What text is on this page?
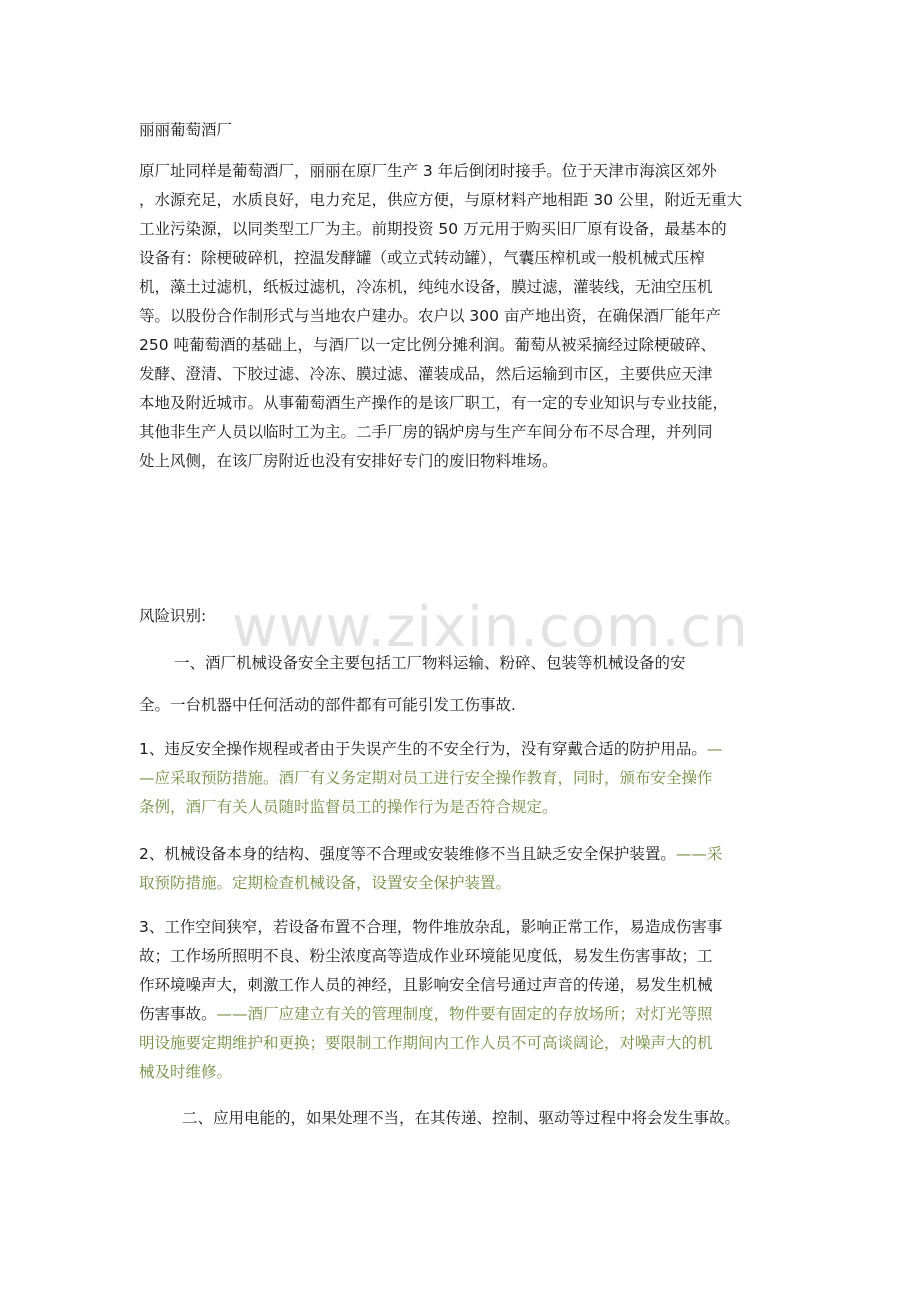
www.zixin.com.cn
丽丽葡萄酒厂
原厂址同样是葡萄酒厂，丽丽在原厂生产 3 年后倒闭时接手。位于天津市海滨区郊外
，水源充足，水质良好，电力充足，供应方便，与原材料产地相距 30 公里，附近无重大
工业污染源，以同类型工厂为主。前期投资 50 万元用于购买旧厂原有设备，最基本的
设备有：除梗破碎机，控温发酵罐（或立式转动罐），气囊压榨机或一般机械式压榨
机，藻土过滤机，纸板过滤机，冷冻机，纯纯水设备，膜过滤，灌装线，无油空压机
等。以股份合作制形式与当地农户建办。农户以 300 亩产地出资，在确保酒厂能年产
250 吨葡萄酒的基础上，与酒厂以一定比例分摊利润。葡萄从被采摘经过除梗破碎、
发酵、澄清、下胶过滤、冷冻、膜过滤、灌装成品，然后运输到市区，主要供应天津
本地及附近城市。从事葡萄酒生产操作的是该厂职工，有一定的专业知识与专业技能，
其他非生产人员以临时工为主。二手厂房的锅炉房与生产车间分布不尽合理，并列同
处上风侧，在该厂房附近也没有安排好专门的废旧物料堆场。
风险识别:
一、酒厂机械设备安全主要包括工厂物料运输、粉碎、包装等机械设备的安
全。一台机器中任何活动的部件都有可能引发工伤事故.
1、违反安全操作规程或者由于失误产生的不安全行为，没有穿戴合适的防护用品。—
—应采取预防措施。酒厂有义务定期对员工进行安全操作教育，同时，颁布安全操作
条例，酒厂有关人员随时监督员工的操作行为是否符合规定。
2、机械设备本身的结构、强度等不合理或安装维修不当且缺乏安全保护装置。——采
取预防措施。定期检查机械设备，设置安全保护装置。
3、工作空间狭窄，若设备布置不合理，物件堆放杂乱，影响正常工作，易造成伤害事
故；工作场所照明不良、粉尘浓度高等造成作业环境能见度低，易发生伤害事故；工
作环境噪声大，刺激工作人员的神经，且影响安全信号通过声音的传递，易发生机械
伤害事故。——酒厂应建立有关的管理制度，物件要有固定的存放场所；对灯光等照
明设施要定期维护和更换；要限制工作期间内工作人员不可高谈阔论，对噪声大的机
械及时维修。
二、应用电能的，如果处理不当，在其传递、控制、驱动等过程中将会发生事故。
